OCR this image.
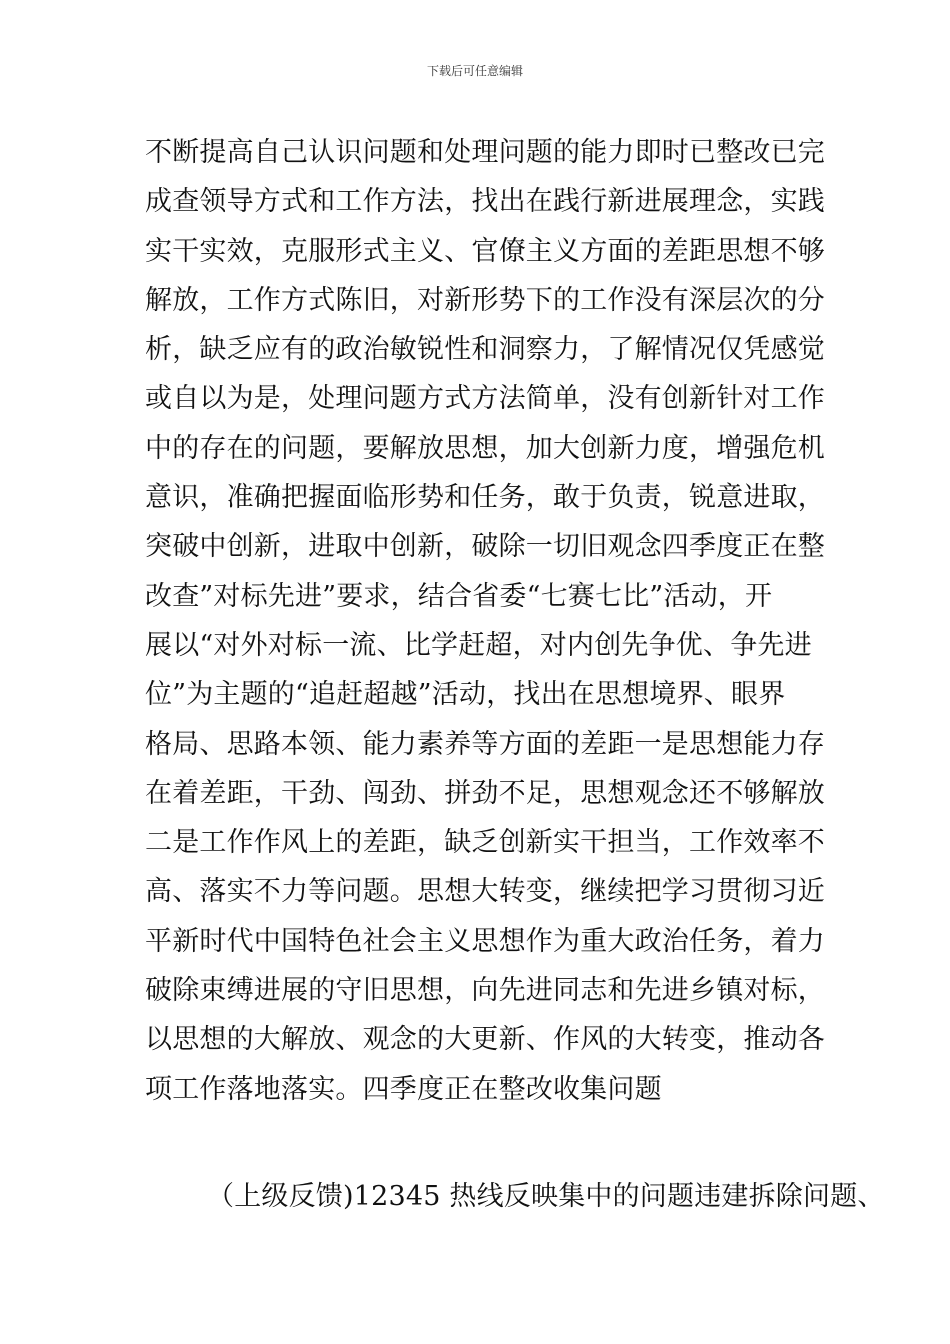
下载后可任意编辑
不断提高自己认识问题和处理问题的能力即时已整改已完
成查领导方式和工作方法，找出在践行新进展理念，实践
实干实效，克服形式主义、官僚主义方面的差距思想不够
解放，工作方式陈旧，对新形势下的工作没有深层次的分
析，缺乏应有的政治敏锐性和洞察力，了解情况仅凭感觉
或自以为是，处理问题方式方法简单，没有创新针对工作
中的存在的问题，要解放思想，加大创新力度，增强危机
意识，准确把握面临形势和任务，敢于负责，锐意进取，
突破中创新，进取中创新，破除一切旧观念四季度正在整
改查”对标先进”要求，结合省委“七赛七比”活动，开
展以“对外对标一流、比学赶超，对内创先争优、争先进
位”为主题的“追赶超越”活动，找出在思想境界、眼界
格局、思路本领、能力素养等方面的差距一是思想能力存
在着差距，干劲、闯劲、拼劲不足，思想观念还不够解放
二是工作作风上的差距，缺乏创新实干担当，工作效率不
高、落实不力等问题。思想大转变，继续把学习贯彻习近
平新时代中国特色社会主义思想作为重大政治任务，着力
破除束缚进展的守旧思想，向先进同志和先进乡镇对标，
以思想的大解放、观念的大更新、作风的大转变，推动各
项工作落地落实。四季度正在整改收集问题
（上级反馈)12345 热线反映集中的问题违建拆除问题、
